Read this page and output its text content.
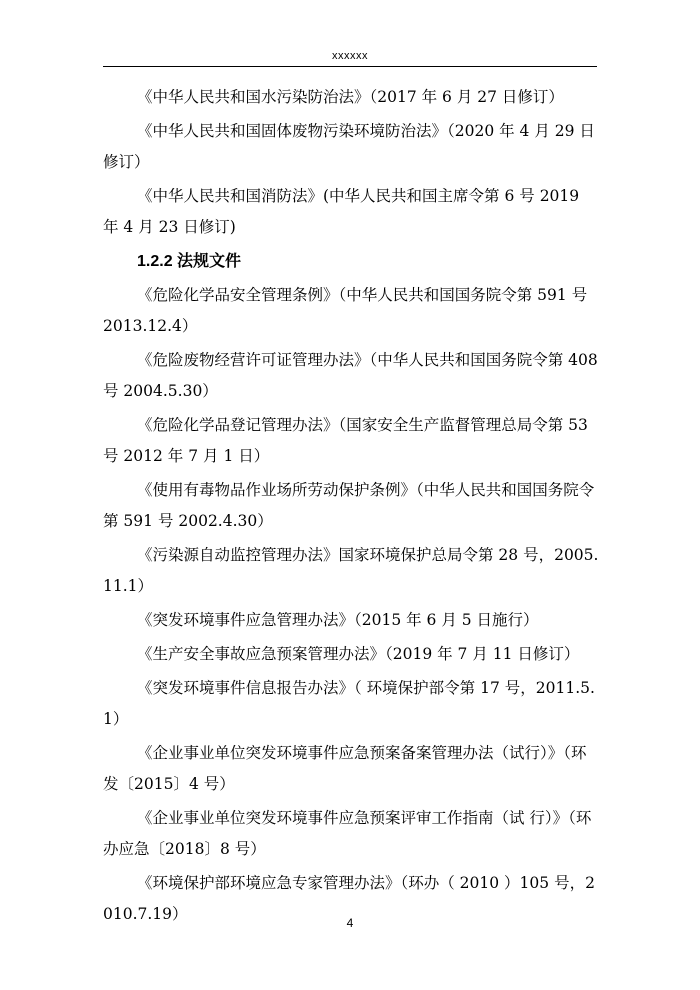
xxxxxx

《中华人民共和国水污染防治法》（2017 年 6 月 27 日修订）

《中华人民共和国固体废物污染环境防治法》（2020 年 4 月 29 日修订）

《中华人民共和国消防法》(中华人民共和国主席令第 6 号 2019 年 4 月 23 日修订)

1.2.2 法规文件

《危险化学品安全管理条例》（中华人民共和国国务院令第 591 号 2013.12.4）

《危险废物经营许可证管理办法》（中华人民共和国国务院令第 408 号 2004.5.30）

《危险化学品登记管理办法》（国家安全生产监督管理总局令第 53 号 2012 年 7 月 1 日）

《使用有毒物品作业场所劳动保护条例》（中华人民共和国国务院令第 591 号 2002.4.30）

《污染源自动监控管理办法》国家环境保护总局令第 28 号，2005.11.1）

《突发环境事件应急管理办法》（2015 年 6 月 5 日施行）

《生产安全事故应急预案管理办法》（2019 年 7 月 11 日修订）

《突发环境事件信息报告办法》（ 环境保护部令第 17 号，2011.5.1）

《企业事业单位突发环境事件应急预案备案管理办法（试行）》（环发〔2015〕4 号）

《企业事业单位突发环境事件应急预案评审工作指南（试 行）》（环办应急〔2018〕8 号）

《环境保护部环境应急专家管理办法》（环办（ 2010 ）105 号，2010.7.19）	4
